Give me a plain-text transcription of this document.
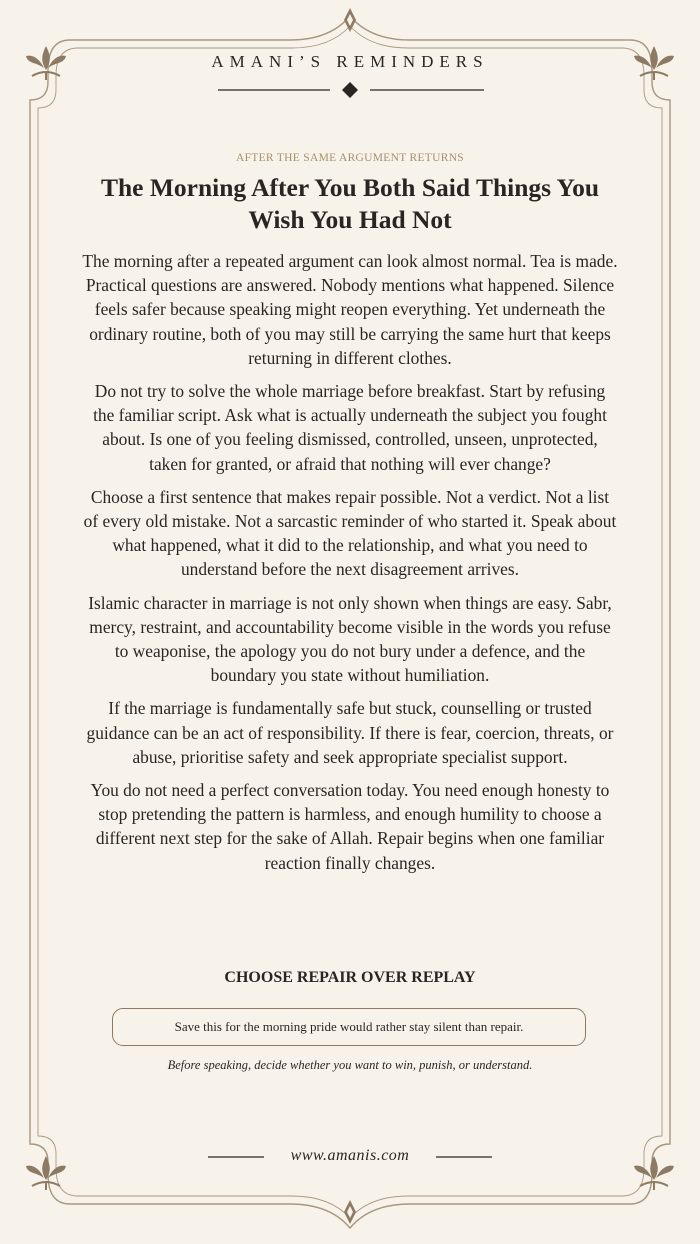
AMANI’S REMINDERS
AFTER THE SAME ARGUMENT RETURNS
The Morning After You Both Said Things You Wish You Had Not

The morning after a repeated argument can look almost normal. Tea is made. Practical questions are answered. Nobody mentions what happened. Silence feels safer because speaking might reopen everything. Yet underneath the ordinary routine, both of you may still be carrying the same hurt that keeps returning in different clothes.

Do not try to solve the whole marriage before breakfast. Start by refusing the familiar script. Ask what is actually underneath the subject you fought about. Is one of you feeling dismissed, controlled, unseen, unprotected, taken for granted, or afraid that nothing will ever change?

Choose a first sentence that makes repair possible. Not a verdict. Not a list of every old mistake. Not a sarcastic reminder of who started it. Speak about what happened, what it did to the relationship, and what you need to understand before the next disagreement arrives.

Islamic character in marriage is not only shown when things are easy. Sabr, mercy, restraint, and accountability become visible in the words you refuse to weaponise, the apology you do not bury under a defence, and the boundary you state without humiliation.

If the marriage is fundamentally safe but stuck, counselling or trusted guidance can be an act of responsibility. If there is fear, coercion, threats, or abuse, prioritise safety and seek appropriate specialist support.

You do not need a perfect conversation today. You need enough honesty to stop pretending the pattern is harmless, and enough humility to choose a different next step for the sake of Allah. Repair begins when one familiar reaction finally changes.

CHOOSE REPAIR OVER REPLAY
Save this for the morning pride would rather stay silent than repair.
Before speaking, decide whether you want to win, punish, or understand.
www.amanis.com
